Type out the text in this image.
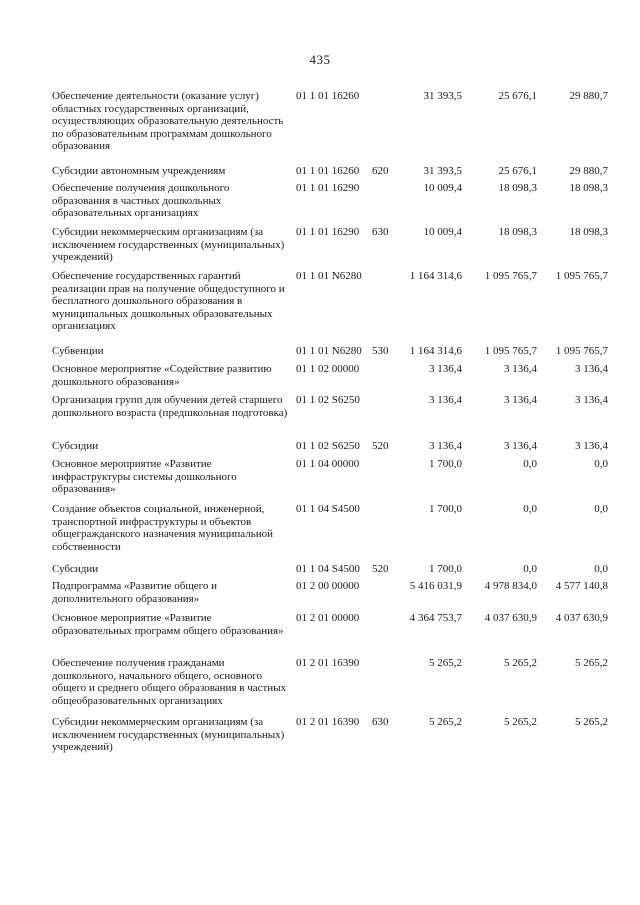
435
Обеспечение деятельности (оказание услуг) областных государственных организаций, осуществляющих образовательную деятельность по образовательным программам дошкольного образования
01 1 01 16260	31 393,5	25 676,1	29 880,7
Субсидии автономным учреждениям	01 1 01 16260	620	31 393,5	25 676,1	29 880,7
Обеспечение получения дошкольного образования в частных дошкольных образовательных организациях
01 1 01 16290	10 009,4	18 098,3	18 098,3
Субсидии некоммерческим организациям (за исключением государственных (муниципальных) учреждений)
01 1 01 16290	630	10 009,4	18 098,3	18 098,3
Обеспечение государственных гарантий реализации прав на получение общедоступного и бесплатного дошкольного образования в муниципальных дошкольных образовательных организациях
01 1 01 N6280	1 164 314,6	1 095 765,7	1 095 765,7
Субвенции	01 1 01 N6280 530	1 164 314,6	1 095 765,7	1 095 765,7
Основное мероприятие «Содействие развитию дошкольного образования»
01 1 02 00000	3 136,4	3 136,4	3 136,4
Организация групп для обучения детей старшего дошкольного возраста (предшкольная подготовка)
01 1 02 S6250	3 136,4	3 136,4	3 136,4
Субсидии	01 1 02 S6250	520	3 136,4	3 136,4	3 136,4
Основное мероприятие «Развитие инфраструктуры системы дошкольного образования»
01 1 04 00000	1 700,0	0,0	0,0
Создание объектов социальной, инженерной, транспортной инфраструктуры и объектов общегражданского назначения муниципальной собственности
01 1 04 S4500	1 700,0	0,0	0,0
Субсидии	01 1 04 S4500	520	1 700,0	0,0	0,0
Подпрограмма «Развитие общего и дополнительного образования»
01 2 00 00000	5 416 031,9	4 978 834,0	4 577 140,8
Основное мероприятие «Развитие образовательных программ общего образования»
01 2 01 00000	4 364 753,7	4 037 630,9	4 037 630,9
Обеспечение получения гражданами дошкольного, начального общего, основного общего и среднего общего образования в частных общеобразовательных организациях
01 2 01 16390	5 265,2	5 265,2	5 265,2
Субсидии некоммерческим организациям (за исключением государственных (муниципальных) учреждений)
01 2 01 16390	630	5 265,2	5 265,2	5 265,2
